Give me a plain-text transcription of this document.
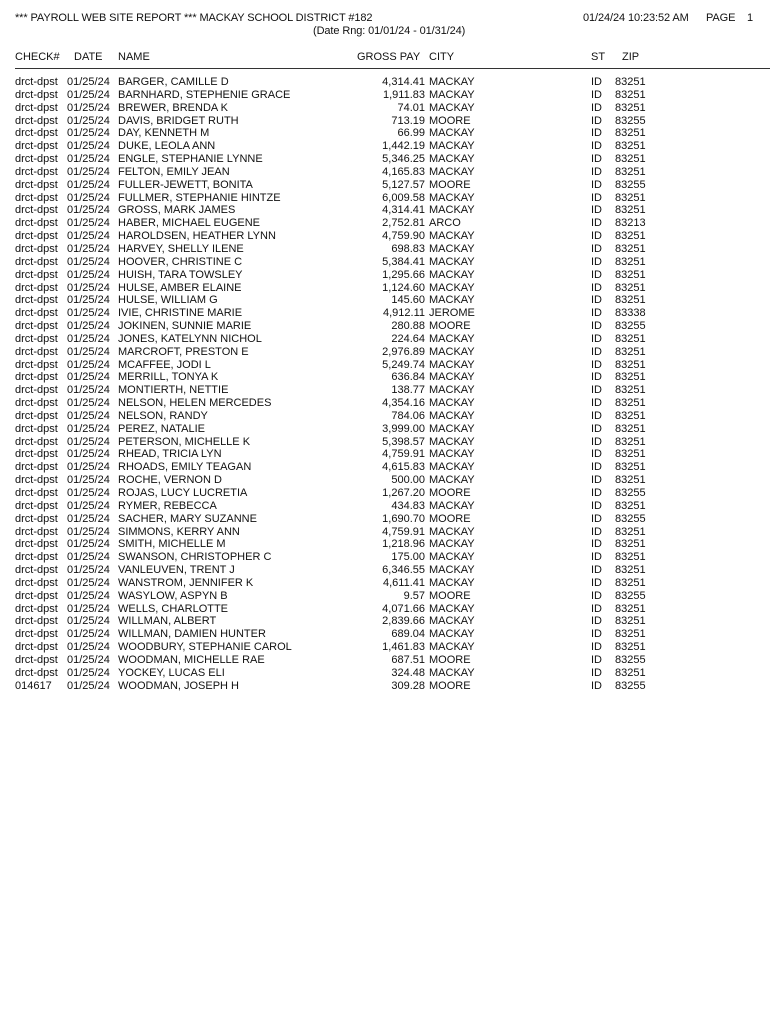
*** PAYROLL WEB SITE REPORT *** MACKAY SCHOOL DISTRICT #182	01/24/24 10:23:52 AM PAGE 1
(Date Rng: 01/01/24 - 01/31/24)
CHECK# DATE NAME	GROSS PAY CITY	ST ZIP
drct-dpst 01/25/24 BARGER, CAMILLE D	4,314.41 MACKAY	ID 83251
drct-dpst 01/25/24 BARNHARD, STEPHENIE GRACE	1,911.83 MACKAY	ID 83251
drct-dpst 01/25/24 BREWER, BRENDA K	74.01 MACKAY	ID 83251
drct-dpst 01/25/24 DAVIS, BRIDGET RUTH	713.19 MOORE	ID 83255
drct-dpst 01/25/24 DAY, KENNETH M	66.99 MACKAY	ID 83251
drct-dpst 01/25/24 DUKE, LEOLA ANN	1,442.19 MACKAY	ID 83251
drct-dpst 01/25/24 ENGLE, STEPHANIE LYNNE	5,346.25 MACKAY	ID 83251
drct-dpst 01/25/24 FELTON, EMILY JEAN	4,165.83 MACKAY	ID 83251
drct-dpst 01/25/24 FULLER-JEWETT, BONITA	5,127.57 MOORE	ID 83255
drct-dpst 01/25/24 FULLMER, STEPHANIE HINTZE	6,009.58 MACKAY	ID 83251
drct-dpst 01/25/24 GROSS, MARK JAMES	4,314.41 MACKAY	ID 83251
drct-dpst 01/25/24 HABER, MICHAEL EUGENE	2,752.81 ARCO	ID 83213
drct-dpst 01/25/24 HAROLDSEN, HEATHER LYNN	4,759.90 MACKAY	ID 83251
drct-dpst 01/25/24 HARVEY, SHELLY ILENE	698.83 MACKAY	ID 83251
drct-dpst 01/25/24 HOOVER, CHRISTINE C	5,384.41 MACKAY	ID 83251
drct-dpst 01/25/24 HUISH, TARA TOWSLEY	1,295.66 MACKAY	ID 83251
drct-dpst 01/25/24 HULSE, AMBER ELAINE	1,124.60 MACKAY	ID 83251
drct-dpst 01/25/24 HULSE, WILLIAM G	145.60 MACKAY	ID 83251
drct-dpst 01/25/24 IVIE, CHRISTINE MARIE	4,912.11 JEROME	ID 83338
drct-dpst 01/25/24 JOKINEN, SUNNIE MARIE	280.88 MOORE	ID 83255
drct-dpst 01/25/24 JONES, KATELYNN NICHOL	224.64 MACKAY	ID 83251
drct-dpst 01/25/24 MARCROFT, PRESTON E	2,976.89 MACKAY	ID 83251
drct-dpst 01/25/24 MCAFFEE, JODI L	5,249.74 MACKAY	ID 83251
drct-dpst 01/25/24 MERRILL, TONYA K	636.84 MACKAY	ID 83251
drct-dpst 01/25/24 MONTIERTH, NETTIE	138.77 MACKAY	ID 83251
drct-dpst 01/25/24 NELSON, HELEN MERCEDES	4,354.16 MACKAY	ID 83251
drct-dpst 01/25/24 NELSON, RANDY	784.06 MACKAY	ID 83251
drct-dpst 01/25/24 PEREZ, NATALIE	3,999.00 MACKAY	ID 83251
drct-dpst 01/25/24 PETERSON, MICHELLE K	5,398.57 MACKAY	ID 83251
drct-dpst 01/25/24 RHEAD, TRICIA LYN	4,759.91 MACKAY	ID 83251
drct-dpst 01/25/24 RHOADS, EMILY TEAGAN	4,615.83 MACKAY	ID 83251
drct-dpst 01/25/24 ROCHE, VERNON D	500.00 MACKAY	ID 83251
drct-dpst 01/25/24 ROJAS, LUCY LUCRETIA	1,267.20 MOORE	ID 83255
drct-dpst 01/25/24 RYMER, REBECCA	434.83 MACKAY	ID 83251
drct-dpst 01/25/24 SACHER, MARY SUZANNE	1,690.70 MOORE	ID 83255
drct-dpst 01/25/24 SIMMONS, KERRY ANN	4,759.91 MACKAY	ID 83251
drct-dpst 01/25/24 SMITH, MICHELLE M	1,218.96 MACKAY	ID 83251
drct-dpst 01/25/24 SWANSON, CHRISTOPHER C	175.00 MACKAY	ID 83251
drct-dpst 01/25/24 VANLEUVEN, TRENT J	6,346.55 MACKAY	ID 83251
drct-dpst 01/25/24 WANSTROM, JENNIFER K	4,611.41 MACKAY	ID 83251
drct-dpst 01/25/24 WASYLOW, ASPYN B	9.57 MOORE	ID 83255
drct-dpst 01/25/24 WELLS, CHARLOTTE	4,071.66 MACKAY	ID 83251
drct-dpst 01/25/24 WILLMAN, ALBERT	2,839.66 MACKAY	ID 83251
drct-dpst 01/25/24 WILLMAN, DAMIEN HUNTER	689.04 MACKAY	ID 83251
drct-dpst 01/25/24 WOODBURY, STEPHANIE CAROL	1,461.83 MACKAY	ID 83251
drct-dpst 01/25/24 WOODMAN, MICHELLE RAE	687.51 MOORE	ID 83255
drct-dpst 01/25/24 YOCKEY, LUCAS ELI	324.48 MACKAY	ID 83251
014617 01/25/24 WOODMAN, JOSEPH H	309.28 MOORE	ID 83255
